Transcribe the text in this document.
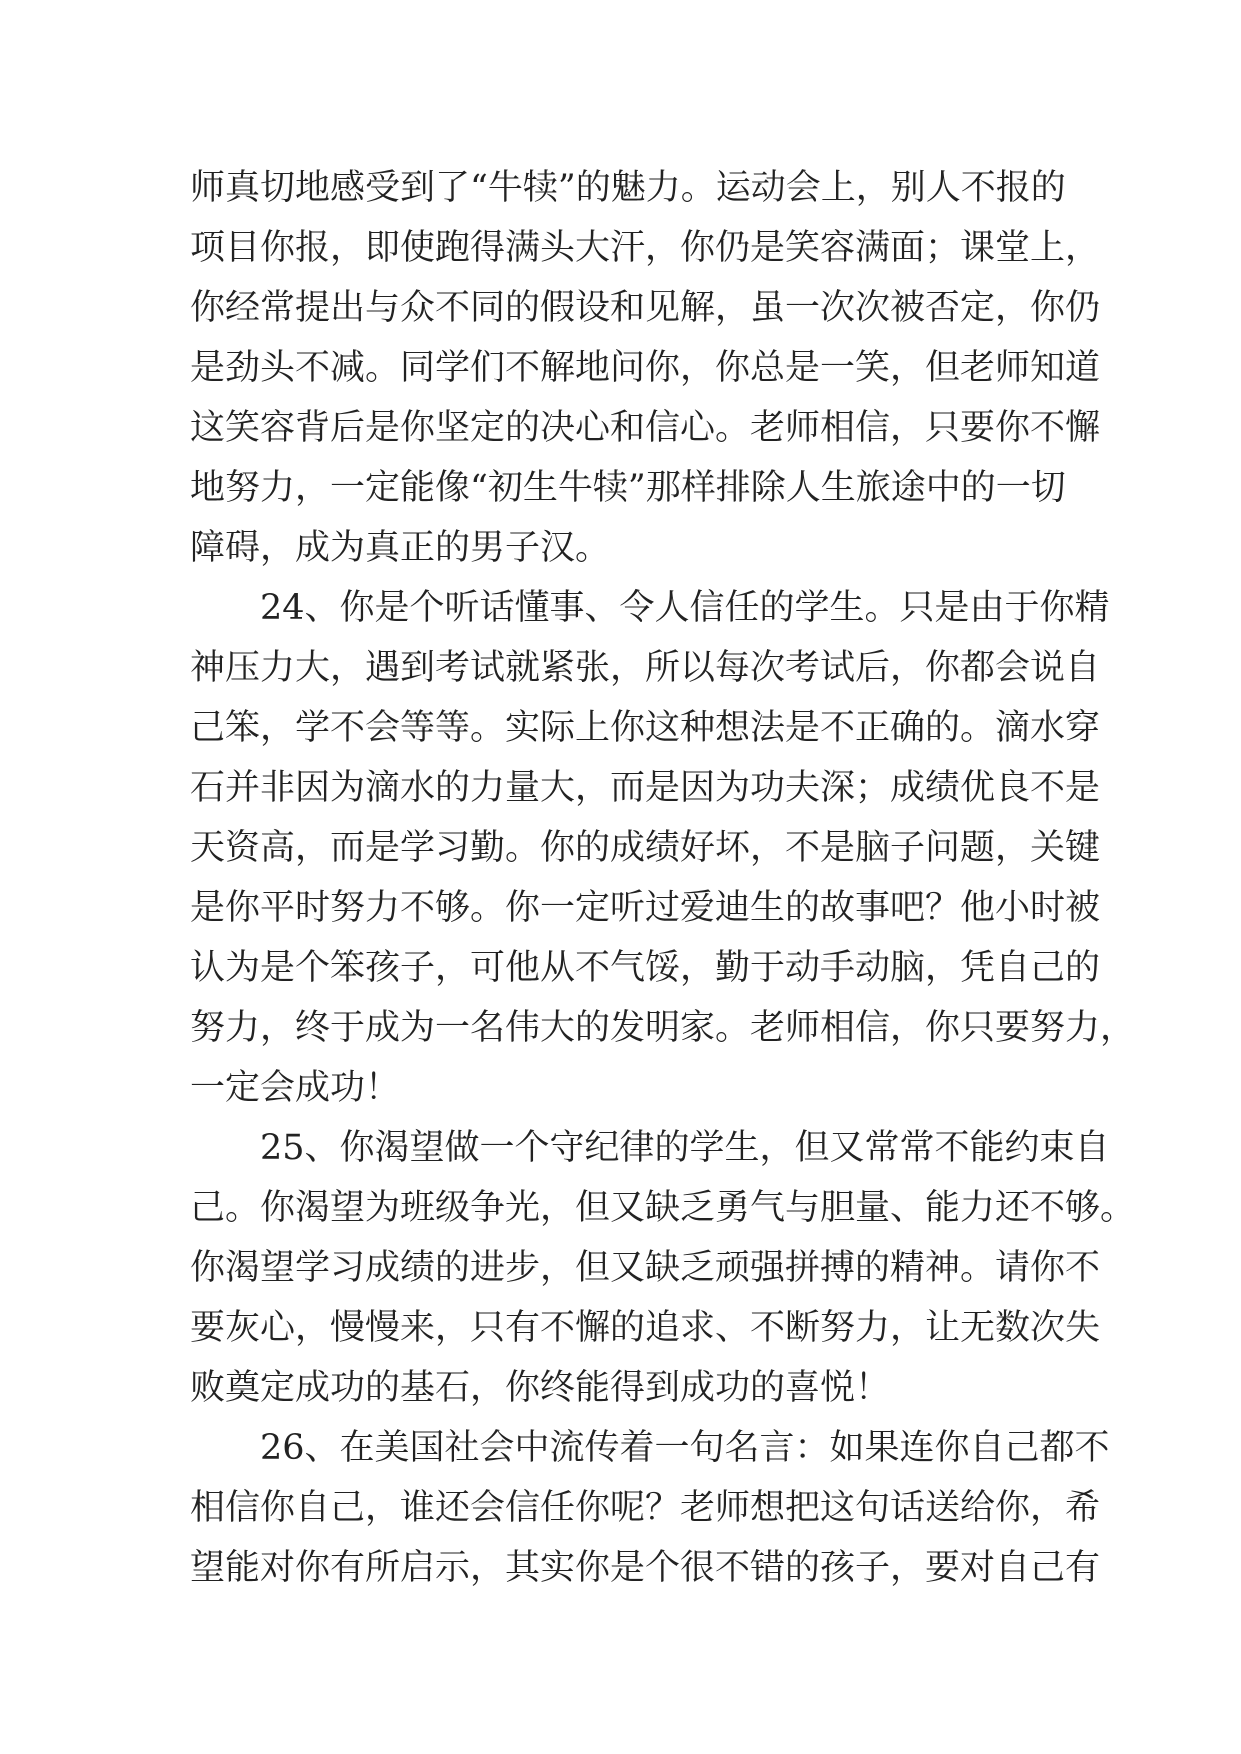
师真切地感受到了“牛犊”的魅力。运动会上，别人不报的
项目你报，即使跑得满头大汗，你仍是笑容满面；课堂上，
你经常提出与众不同的假设和见解，虽一次次被否定，你仍
是劲头不减。同学们不解地问你，你总是一笑，但老师知道
这笑容背后是你坚定的决心和信心。老师相信，只要你不懈
地努力，一定能像“初生牛犊”那样排除人生旅途中的一切
障碍，成为真正的男子汉。
24、你是个听话懂事、令人信任的学生。只是由于你精
神压力大，遇到考试就紧张，所以每次考试后，你都会说自
己笨，学不会等等。实际上你这种想法是不正确的。滴水穿
石并非因为滴水的力量大，而是因为功夫深；成绩优良不是
天资高，而是学习勤。你的成绩好坏，不是脑子问题，关键
是你平时努力不够。你一定听过爱迪生的故事吧？他小时被
认为是个笨孩子，可他从不气馁，勤于动手动脑，凭自己的
努力，终于成为一名伟大的发明家。老师相信，你只要努力，
一定会成功！
25、你渴望做一个守纪律的学生，但又常常不能约束自
己。你渴望为班级争光，但又缺乏勇气与胆量、能力还不够。
你渴望学习成绩的进步，但又缺乏顽强拼搏的精神。请你不
要灰心，慢慢来，只有不懈的追求、不断努力，让无数次失
败奠定成功的基石，你终能得到成功的喜悦！
26、在美国社会中流传着一句名言：如果连你自己都不
相信你自己，谁还会信任你呢？老师想把这句话送给你，希
望能对你有所启示，其实你是个很不错的孩子，要对自己有
